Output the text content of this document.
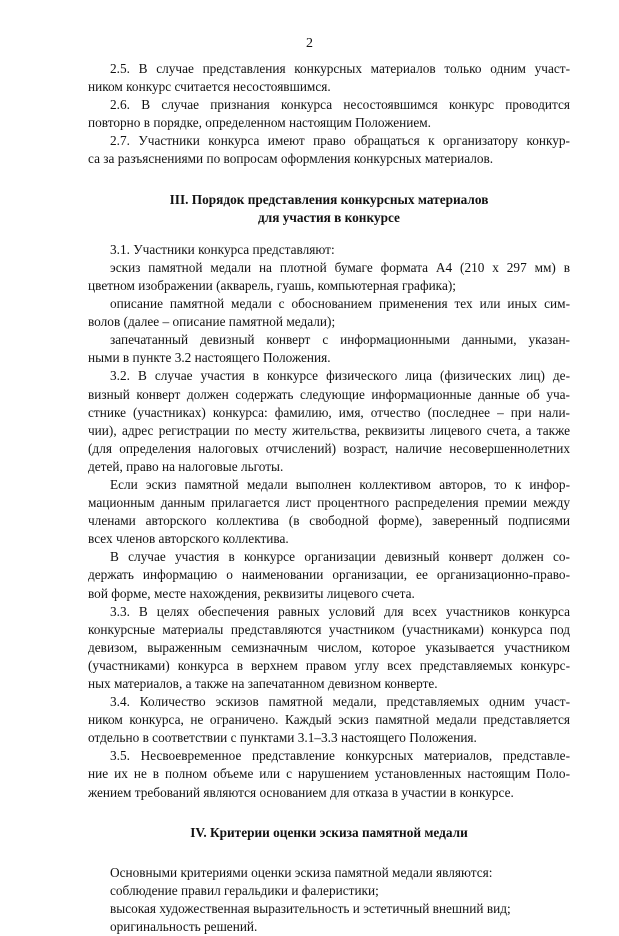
2

2.5. В случае представления конкурсных материалов только одним участ-

ником конкурс считается несостоявшимся.

2.6. В случае признания конкурса несостоявшимся конкурс проводится

повторно в порядке, определенном настоящим Положением.

2.7. Участники конкурса имеют право обращаться к организатору конкур-

са за разъяснениями по вопросам оформления конкурсных материалов.

III. Порядок представления конкурсных материалов

для участия в конкурсе

3.1. Участники конкурса представляют:

эскиз памятной медали на плотной бумаге формата А4 (210 х 297 мм) в

цветном изображении (акварель, гуашь, компьютерная графика);

описание памятной медали с обоснованием применения тех или иных сим-

волов (далее – описание памятной медали);

запечатанный девизный конверт с информационными данными, указан-

ными в пункте 3.2 настоящего Положения.

3.2. В случае участия в конкурсе физического лица (физических лиц) де-

визный конверт должен содержать следующие информационные данные об уча-

стнике (участниках) конкурса: фамилию, имя, отчество (последнее – при нали-

чии), адрес регистрации по месту жительства, реквизиты лицевого счета, а также

(для определения налоговых отчислений) возраст, наличие несовершеннолетних

детей, право на налоговые льготы.

Если эскиз памятной медали выполнен коллективом авторов, то к инфор-

мационным данным прилагается лист процентного распределения премии между

членами авторского коллектива (в свободной форме), заверенный подписями

всех членов авторского коллектива.

В случае участия в конкурсе организации девизный конверт должен со-

держать информацию о наименовании организации, ее организационно-право-

вой форме, месте нахождения, реквизиты лицевого счета.

3.3. В целях обеспечения равных условий для всех участников конкурса

конкурсные материалы представляются участником (участниками) конкурса под

девизом, выраженным семизначным числом, которое указывается участником

(участниками) конкурса в верхнем правом углу всех представляемых конкурс-

ных материалов, а также на запечатанном девизном конверте.

3.4. Количество эскизов памятной медали, представляемых одним участ-

ником конкурса, не ограничено. Каждый эскиз памятной медали представляется

отдельно в соответствии с пунктами 3.1–3.3 настоящего Положения.

3.5. Несвоевременное представление конкурсных материалов, представле-

ние их не в полном объеме или с нарушением установленных настоящим Поло-

жением требований являются основанием для отказа в участии в конкурсе.

IV. Критерии оценки эскиза памятной медали

Основными критериями оценки эскиза памятной медали являются:

соблюдение правил геральдики и фалеристики;

высокая художественная выразительность и эстетичный внешний вид;

оригинальность решений.
